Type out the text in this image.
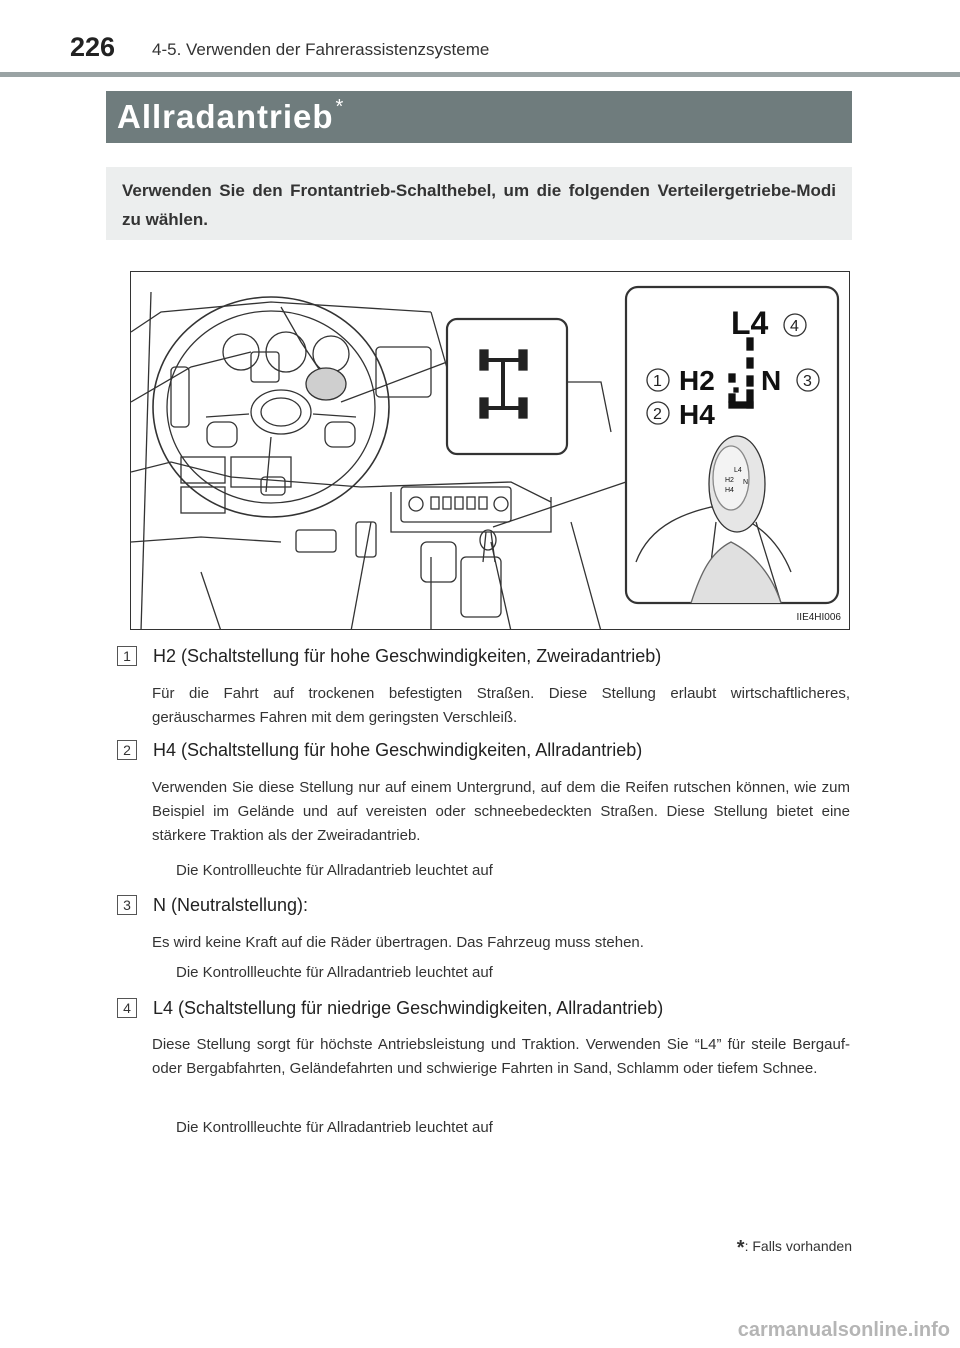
226 4-5. Verwenden der Fahrerassistenzsysteme
Allradantrieb *
Verwenden Sie den Frontantrieb-Schalthebel, um die folgenden Verteilergetriebe-Modi zu wählen.
L4
H2
H4
N
4
1
2
3
L4
H2
H4
N
IIE4HI006
1	H2 (Schaltstellung für hohe Geschwindigkeiten, Zweiradantrieb)
Für die Fahrt auf trockenen befestigten Straßen. Diese Stellung erlaubt wirtschaftlicheres, geräuscharmes Fahren mit dem geringsten Verschleiß.
2	H4 (Schaltstellung für hohe Geschwindigkeiten, Allradantrieb)
Verwenden Sie diese Stellung nur auf einem Untergrund, auf dem die Reifen rutschen können, wie zum Beispiel im Gelände und auf vereisten oder schneebedeckten Straßen. Diese Stellung bietet eine stärkere Traktion als der Zweiradantrieb.
Die Kontrollleuchte für Allradantrieb leuchtet auf
3	N (Neutralstellung):
Es wird keine Kraft auf die Räder übertragen. Das Fahrzeug muss stehen.
Die Kontrollleuchte für Allradantrieb leuchtet auf
4	L4 (Schaltstellung für niedrige Geschwindigkeiten, Allradantrieb)
Diese Stellung sorgt für höchste Antriebsleistung und Traktion. Verwenden Sie “L4” für steile Bergauf- oder Bergabfahrten, Geländefahrten und schwierige Fahrten in Sand, Schlamm oder tiefem Schnee.
Die Kontrollleuchte für Allradantrieb leuchtet auf
*: Falls vorhanden
carmanualsonline.info
